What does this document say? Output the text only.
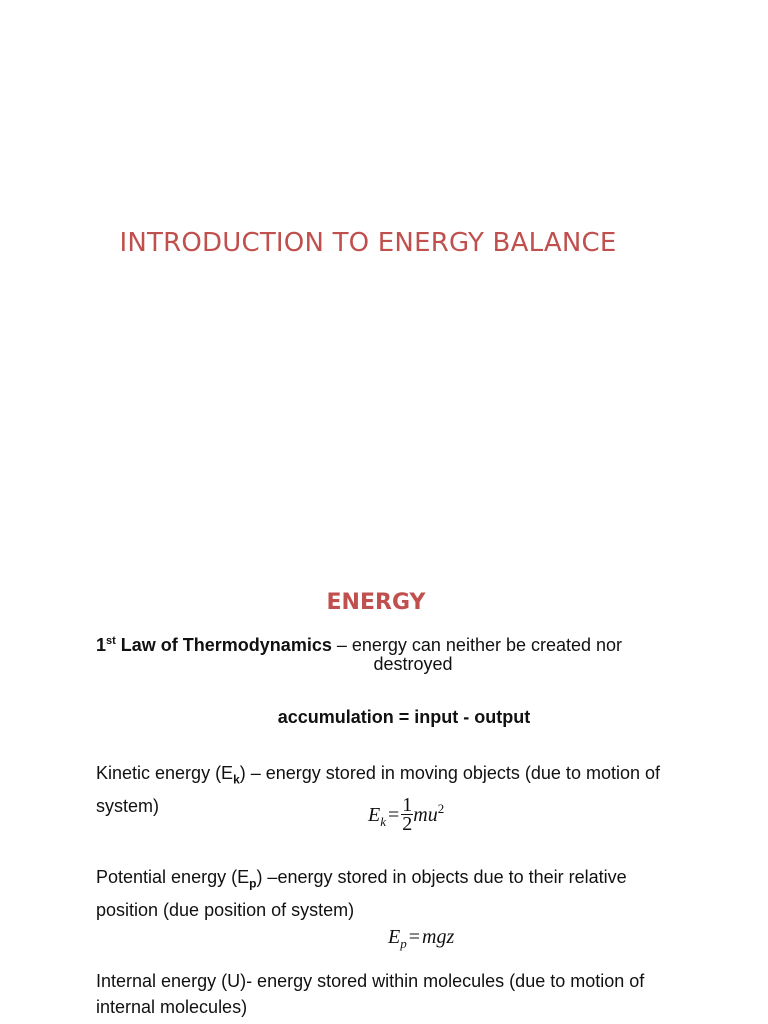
INTRODUCTION TO ENERGY BALANCE
ENERGY
1st Law of Thermodynamics – energy can neither be created nor
destroyed
accumulation = input - output
Kinetic energy $(E_k)$ – energy stored in moving objects (due to motion of system)	$E_k = \frac{1}{2} mu^2$
Potential energy $(E_p)$ –energy stored in objects due to their relative position (due position of system)
$E_p$ = mgz
Internal energy (U)- energy stored within molecules (due to motion of internal molecules)
